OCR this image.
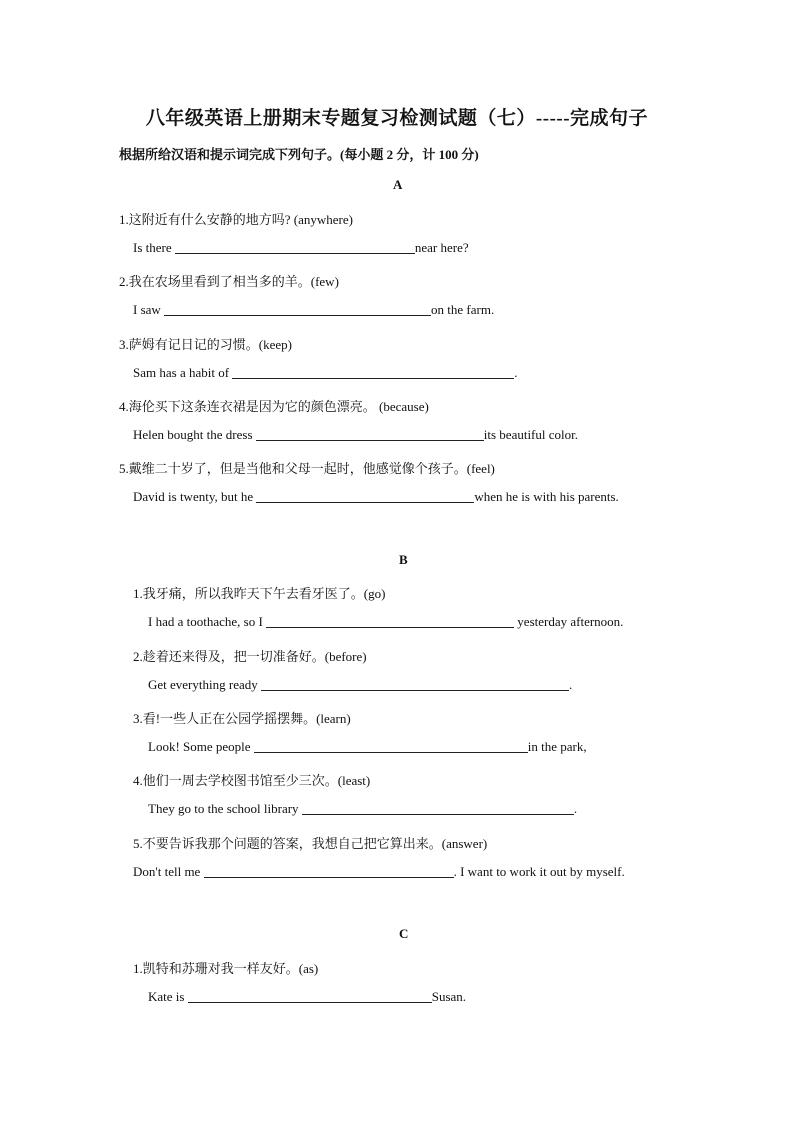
八年级英语上册期末专题复习检测试题（七）-----完成句子
根据所给汉语和提示词完成下列句子。(每小题 2 分，计 100 分)
A
1.这附近有什么安静的地方吗? (anywhere)
Is there	near here?
2.我在农场里看到了相当多的羊。(few)
I saw	on the farm.
3.萨姆有记日记的习惯。(keep)
Sam has a habit of	.
4.海伦买下这条连衣裙是因为它的颜色漂亮。 (because)
Helen bought the dress	its beautiful color.
5.戴维二十岁了，但是当他和父母一起时，他感觉像个孩子。(feel)
David is twenty, but he	when he is with his parents.
B
1.我牙痛，所以我昨天下午去看牙医了。(go)
I had a toothache, so I	yesterday afternoon.
2.趁着还来得及，把一切准备好。(before)
Get everything ready	.
3.看!一些人正在公园学摇摆舞。(learn)
Look! Some people	in the park,
4.他们一周去学校图书馆至少三次。(least)
They go to the school library	.
5.不要告诉我那个问题的答案，我想自己把它算出来。(answer)
Don't tell me	. I want to work it out by myself.
C
1.凯特和苏珊对我一样友好。(as)
Kate is	Susan.
